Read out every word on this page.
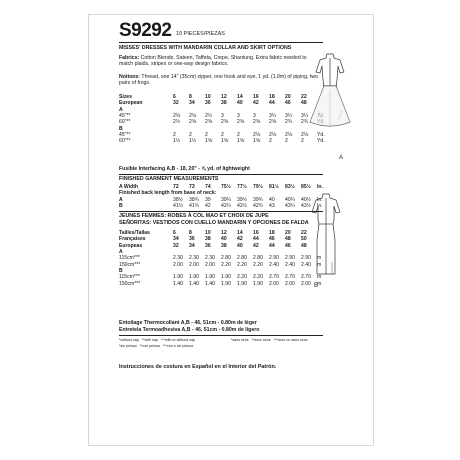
S9292 10 PIECES/PIEZAS
MISSES' DRESSES WITH MANDARIN COLLAR AND SKIRT OPTIONS
Fabrics: Cotton Blends, Sateen, Taffeta, Crepe, Shantung. Extra fabric needed to match plaids, stripes or one-way design fabrics.
Notions: Thread, one 14" (35cm) zipper, one hook and eye, 1 yd. (1.0m) of piping, two pairs of frogs.
Sizes	6	8	10	12	14	16	18	20	22	
European	32	34	36	38	40	42	44	46	48	
A										
45"**	2⅛	2⅛	2½	3	3	3	3¼	3¼	3¼	
60"**	2½	2⅝	2⅝	2⅝	2⅝	2⅝	2⅝	2¾	2¾	
B										
45"**	2	2	2	2	2	2⅛	2⅛	2⅛	2⅛	Yd.
60"**	1½	1½	1⅝	1⅝	1⅝	1⅝	2	2	2	Yd.
Fusible Interfacing A,B - 18, 20" - ⅝ yd. of lightweight
FINISHED GARMENT MEASUREMENTS
A Width	72	73	74	75½	77½	79½	81½	83½	85½	In.
Finished back length from base of neck:										
A	38½	38¾	39	39¼	39½	39¾	40	40¼	40½	In.
B	41½	41¾	42	42¼	42½	42¾	43	43¼	43½	In.
JEUNES FEMMES: ROBES À COL MAO ET CHOIX DE JUPE
SEÑORITAS: VESTIDOS CON CUELLO MANDARIN Y OPCIONES DE FALDA
Tailles/Tallas	6	8	10	12	14	16	18	20	22	
Françaises	34	36	38	40	42	44	46	48	50	
Europeas	32	34	36	38	40	42	44	46	48	
A										
115cm***	2.30	2.30	2.30	2.80	2.80	2.80	2.90	2.90	2.90	m
150cm***	2.00	2.00	2.00	2.20	2.20	2.20	2.40	2.40	2.40	m
B										
115cm***	1.90	1.90	1.90	1.90	2.20	2.20	2.70	2.70	2.70	m
150cm***	1.40	1.40	1.40	1.90	1.90	1.90	2.00	2.00	2.00	m
Entoilage Thermocollant A,B - 46, 51cm - 0.80m de léger
Entretela Termoadhesiva A,B - 46, 51cm - 0.80m de ligero
*without nap **with nap ***with or without nap	*sans sens **avec sens ***avec ou sans sens
*sin pelusa **con pelusa ***con o sin pelusa
Instrucciones de costura en Español en el Interior del Patrón.
A
B
